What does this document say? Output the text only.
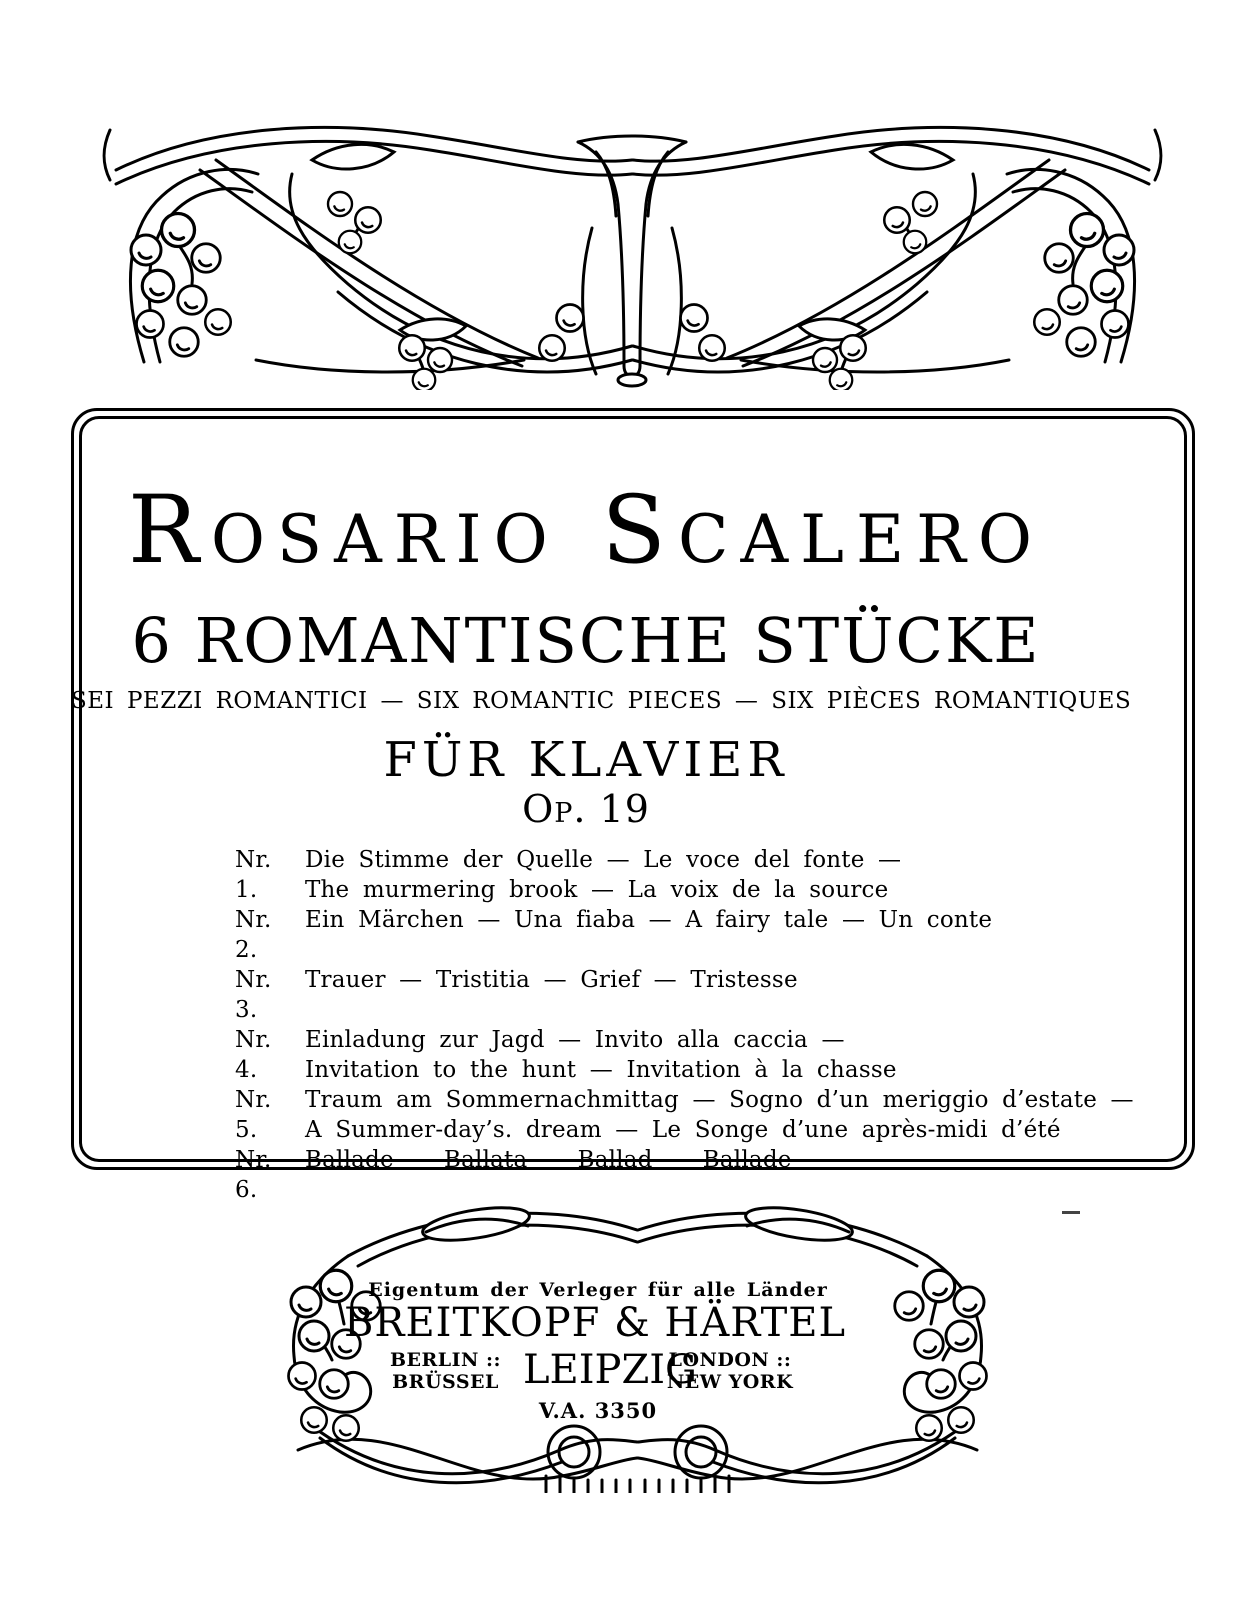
Rosario Scalero
6 ROMANTISCHE STÜCKE
SEI PEZZI ROMANTICI — SIX ROMANTIC PIECES — SIX PIÈCES ROMANTIQUES
FÜR KLAVIER
Op. 19
Nr. 1.
Die Stimme der Quelle — Le voce del fonte —
The murmering brook — La voix de la source
Nr. 2.
Ein Märchen — Una fiaba — A fairy tale — Un conte
Nr. 3.
Trauer — Tristitia — Grief — Tristesse
Nr. 4.
Einladung zur Jagd — Invito alla caccia —
Invitation to the hunt — Invitation à la chasse
Nr. 5.
Traum am Sommernachmittag — Sogno d’un meriggio d’estate —
A Summer-day’s. dream — Le Songe d’une après-midi d’été
Nr. 6.
Ballade — Ballata — Ballad — Ballade
Eigentum der Verleger für alle Länder
BREITKOPF & HÄRTEL
BERLIN ::
BRÜSSEL LEIPZIG
LONDON ::
NEW YORK
V.A. 3350
